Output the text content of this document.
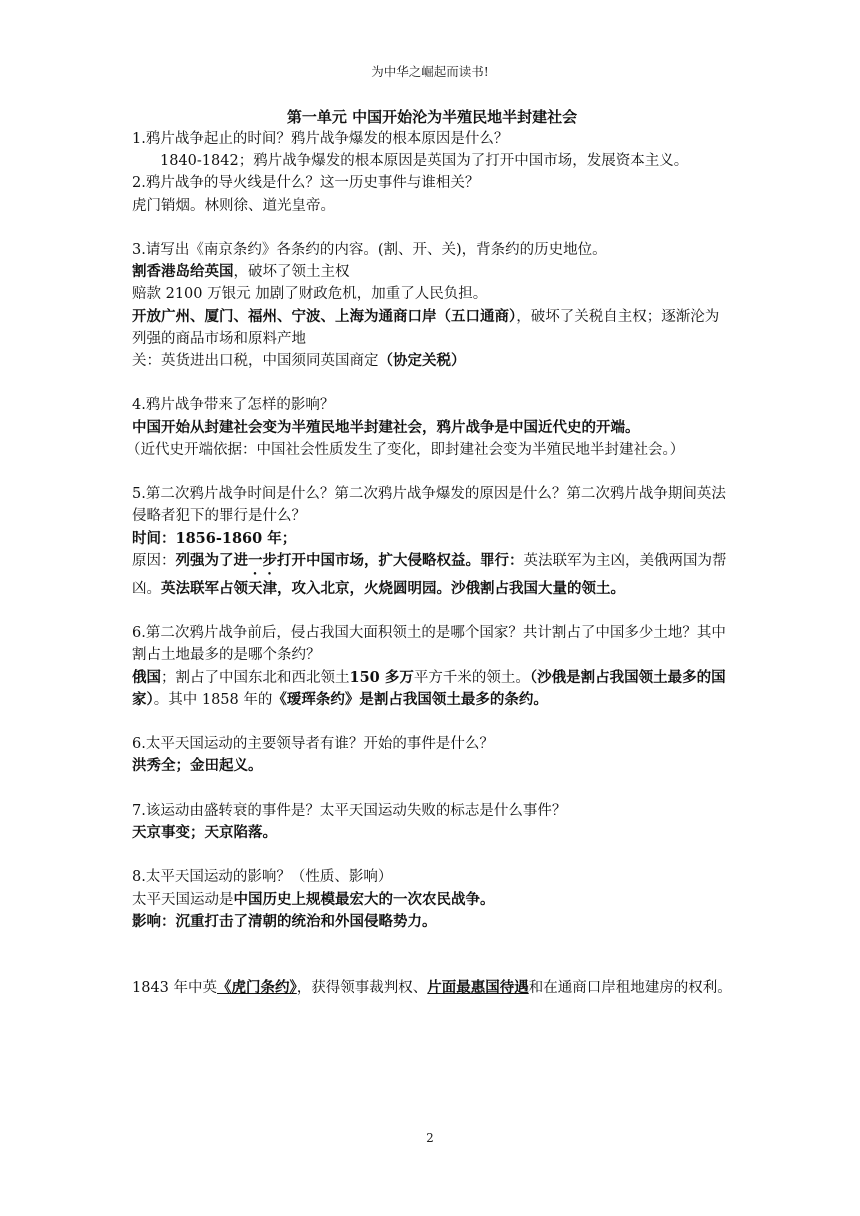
为中华之崛起而读书!
第一单元 中国开始沦为半殖民地半封建社会
1.鸦片战争起止的时间？鸦片战争爆发的根本原因是什么？
1840-1842；鸦片战争爆发的根本原因是英国为了打开中国市场，发展资本主义。
2.鸦片战争的导火线是什么？这一历史事件与谁相关？
虎门销烟。林则徐、道光皇帝。
3.请写出《南京条约》各条约的内容。(割、开、关)，背条约的历史地位。
割香港岛给英国，破坏了领土主权
赔款 2100 万银元 加剧了财政危机，加重了人民负担。
开放广州、厦门、福州、宁波、上海为通商口岸（五口通商），破坏了关税自主权；逐渐沦为列强的商品市场和原料产地
关：英货进出口税，中国须同英国商定（协定关税）
4.鸦片战争带来了怎样的影响？
中国开始从封建社会变为半殖民地半封建社会，鸦片战争是中国近代史的开端。
（近代史开端依据：中国社会性质发生了变化，即封建社会变为半殖民地半封建社会。）
5.第二次鸦片战争时间是什么？第二次鸦片战争爆发的原因是什么？第二次鸦片战争期间英法侵略者犯下的罪行是什么？
时间：1856-1860 年；
原因：列强为了进一步打开中国市场，扩大侵略权益。罪行：英法联军为主凶，美俄两国为帮凶。英法联军占领天津，攻入北京，火烧圆明园。沙俄割占我国大量的领土。
6.第二次鸦片战争前后，侵占我国大面积领土的是哪个国家？共计割占了中国多少土地？其中割占土地最多的是哪个条约？
俄国；割占了中国东北和西北领土150 多万平方千米的领土。（沙俄是割占我国领土最多的国家）。其中 1858 年的《瑷珲条约》是割占我国领土最多的条约。
6.太平天国运动的主要领导者有谁？开始的事件是什么？
洪秀全；金田起义。
7.该运动由盛转衰的事件是？太平天国运动失败的标志是什么事件？
天京事变；天京陷落。
8.太平天国运动的影响？（性质、影响）
太平天国运动是中国历史上规模最宏大的一次农民战争。
影响：沉重打击了清朝的统治和外国侵略势力。
1843 年中英《虎门条约》，获得领事裁判权、片面最惠国待遇和在通商口岸租地建房的权利。
2
